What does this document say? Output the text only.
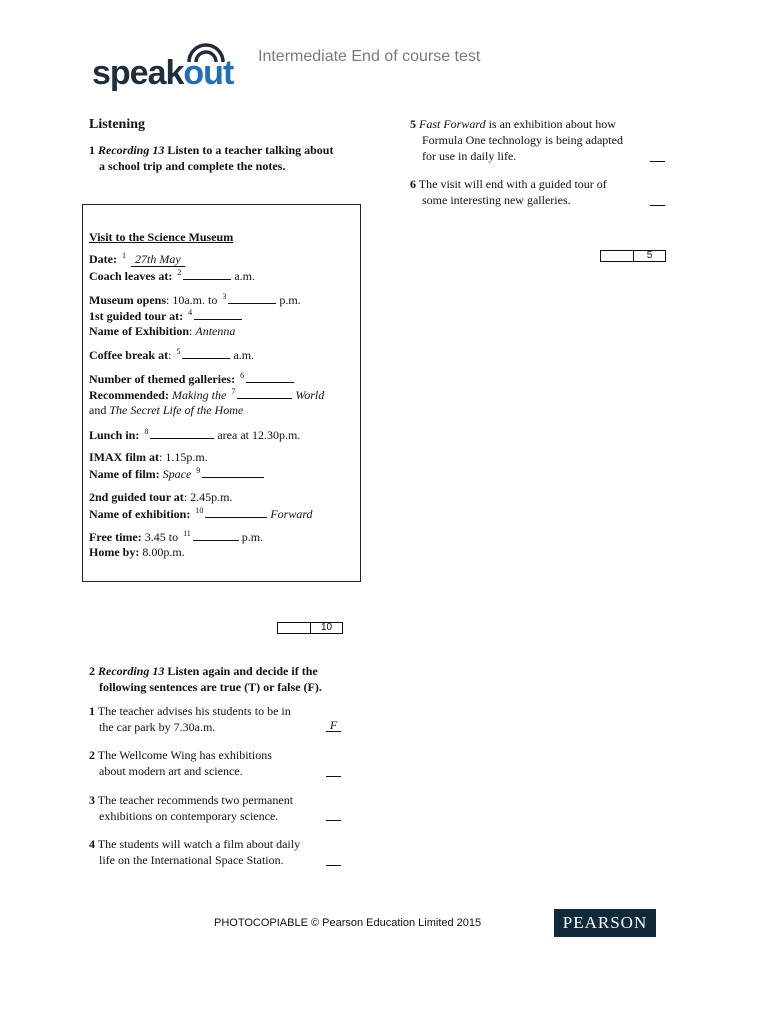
speakout Intermediate End of course test
Listening
1 Recording 13 Listen to a teacher talking about
a school trip and complete the notes.
Visit to the Science Museum
Date: $^1$ 27th May
Coach leaves at: $^2$	a.m.
Museum opens: 10a.m. to $^3$	p.m.
1st guided tour at: $^4$
Name of Exhibition: Antenna
Coffee break at: $^5$	a.m.
Number of themed galleries: $^6$
Recommended: Making the $^7$	World
and The Secret Life of the Home
Lunch in: $^8$	area at 12.30p.m.
IMAX film at: 1.15p.m.
Name of film: Space $^9$
2nd guided tour at: 2.45p.m.
Name of exhibition: $^{10}$	Forward
Free time: 3.45 to $^{11}$	p.m.
Home by: 8.00p.m.
10
2 Recording 13 Listen again and decide if the
following sentences are true (T) or false (F).
1 The teacher advises his students to be in
the car park by 7.30a.m.	F
2 The Wellcome Wing has exhibitions
about modern art and science.
3 The teacher recommends two permanent
exhibitions on contemporary science.
4 The students will watch a film about daily
life on the International Space Station.
5 Fast Forward is an exhibition about how
Formula One technology is being adapted
for use in daily life.
6 The visit will end with a guided tour of
some interesting new galleries.
5
PHOTOCOPIABLE © Pearson Education Limited 2015	PEARSON
